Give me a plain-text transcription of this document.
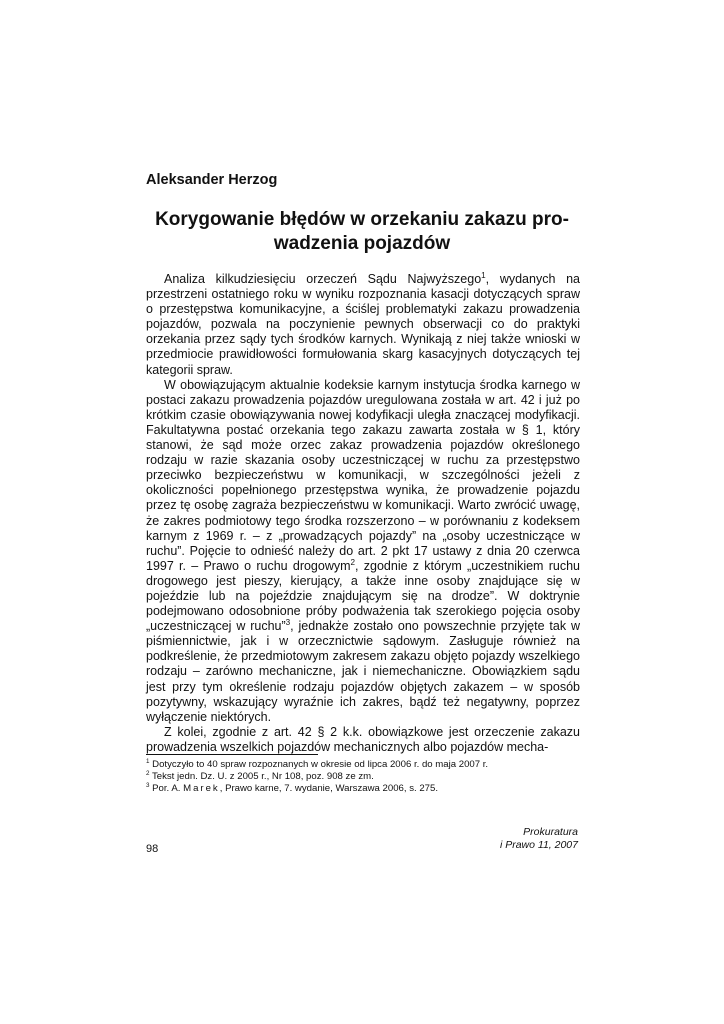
Aleksander Herzog
Korygowanie błędów w orzekaniu zakazu pro-
wadzenia pojazdów

Analiza kilkudziesięciu orzeczeń Sądu Najwyższego$^1$, wydanych na przestrzeni ostatniego roku w wyniku rozpoznania kasacji dotyczących spraw o przestępstwa komunikacyjne, a ściślej problematyki zakazu prowadzenia pojazdów, pozwala na poczynienie pewnych obserwacji co do praktyki orzekania przez sądy tych środków karnych. Wynikają z niej także wnioski w przedmiocie prawidłowości formułowania skarg kasacyjnych dotyczących tej kategorii spraw.

W obowiązującym aktualnie kodeksie karnym instytucja środka karnego w postaci zakazu prowadzenia pojazdów uregulowana została w art. 42 i już po krótkim czasie obowiązywania nowej kodyfikacji uległa znaczącej modyfikacji. Fakultatywna postać orzekania tego zakazu zawarta została w § 1, który stanowi, że sąd może orzec zakaz prowadzenia pojazdów określonego rodzaju w razie skazania osoby uczestniczącej w ruchu za przestępstwo przeciwko bezpieczeństwu w komunikacji, w szczególności jeżeli z okoliczności popełnionego przestępstwa wynika, że prowadzenie pojazdu przez tę osobę zagraża bezpieczeństwu w komunikacji. Warto zwrócić uwagę, że zakres podmiotowy tego środka rozszerzono – w porównaniu z kodeksem karnym z 1969 r. – z „prowadzących pojazdy” na „osoby uczestniczące w ruchu”. Pojęcie to odnieść należy do art. 2 pkt 17 ustawy z dnia 20 czerwca 1997 r. – Prawo o ruchu drogowym$^2$, zgodnie z którym „uczestnikiem ruchu drogowego jest pieszy, kierujący, a także inne osoby znajdujące się w pojeździe lub na pojeździe znajdującym się na drodze”. W doktrynie podejmowano odosobnione próby podważenia tak szerokiego pojęcia osoby „uczestniczącej w ruchu”$^3$, jednakże zostało ono powszechnie przyjęte tak w piśmiennictwie, jak i w orzecznictwie sądowym. Zasługuje również na podkreślenie, że przedmiotowym zakresem zakazu objęto pojazdy wszelkiego rodzaju – zarówno mechaniczne, jak i niemechaniczne. Obowiązkiem sądu jest przy tym określenie rodzaju pojazdów objętych zakazem – w sposób pozytywny, wskazujący wyraźnie ich zakres, bądź też negatywny, poprzez wyłączenie niektórych.

Z kolei, zgodnie z art. 42 § 2 k.k. obowiązkowe jest orzeczenie zakazu prowadzenia wszelkich pojazdów mechanicznych albo pojazdów mecha-

$^1$ Dotyczyło to 40 spraw rozpoznanych w okresie od lipca 2006 r. do maja 2007 r.
$^2$ Tekst jedn. Dz. U. z 2005 r., Nr 108, poz. 908 ze zm.
$^3$ Por. A. Marek, Prawo karne, 7. wydanie, Warszawa 2006, s. 275.
98
Prokuratura
i Prawo 11, 2007
